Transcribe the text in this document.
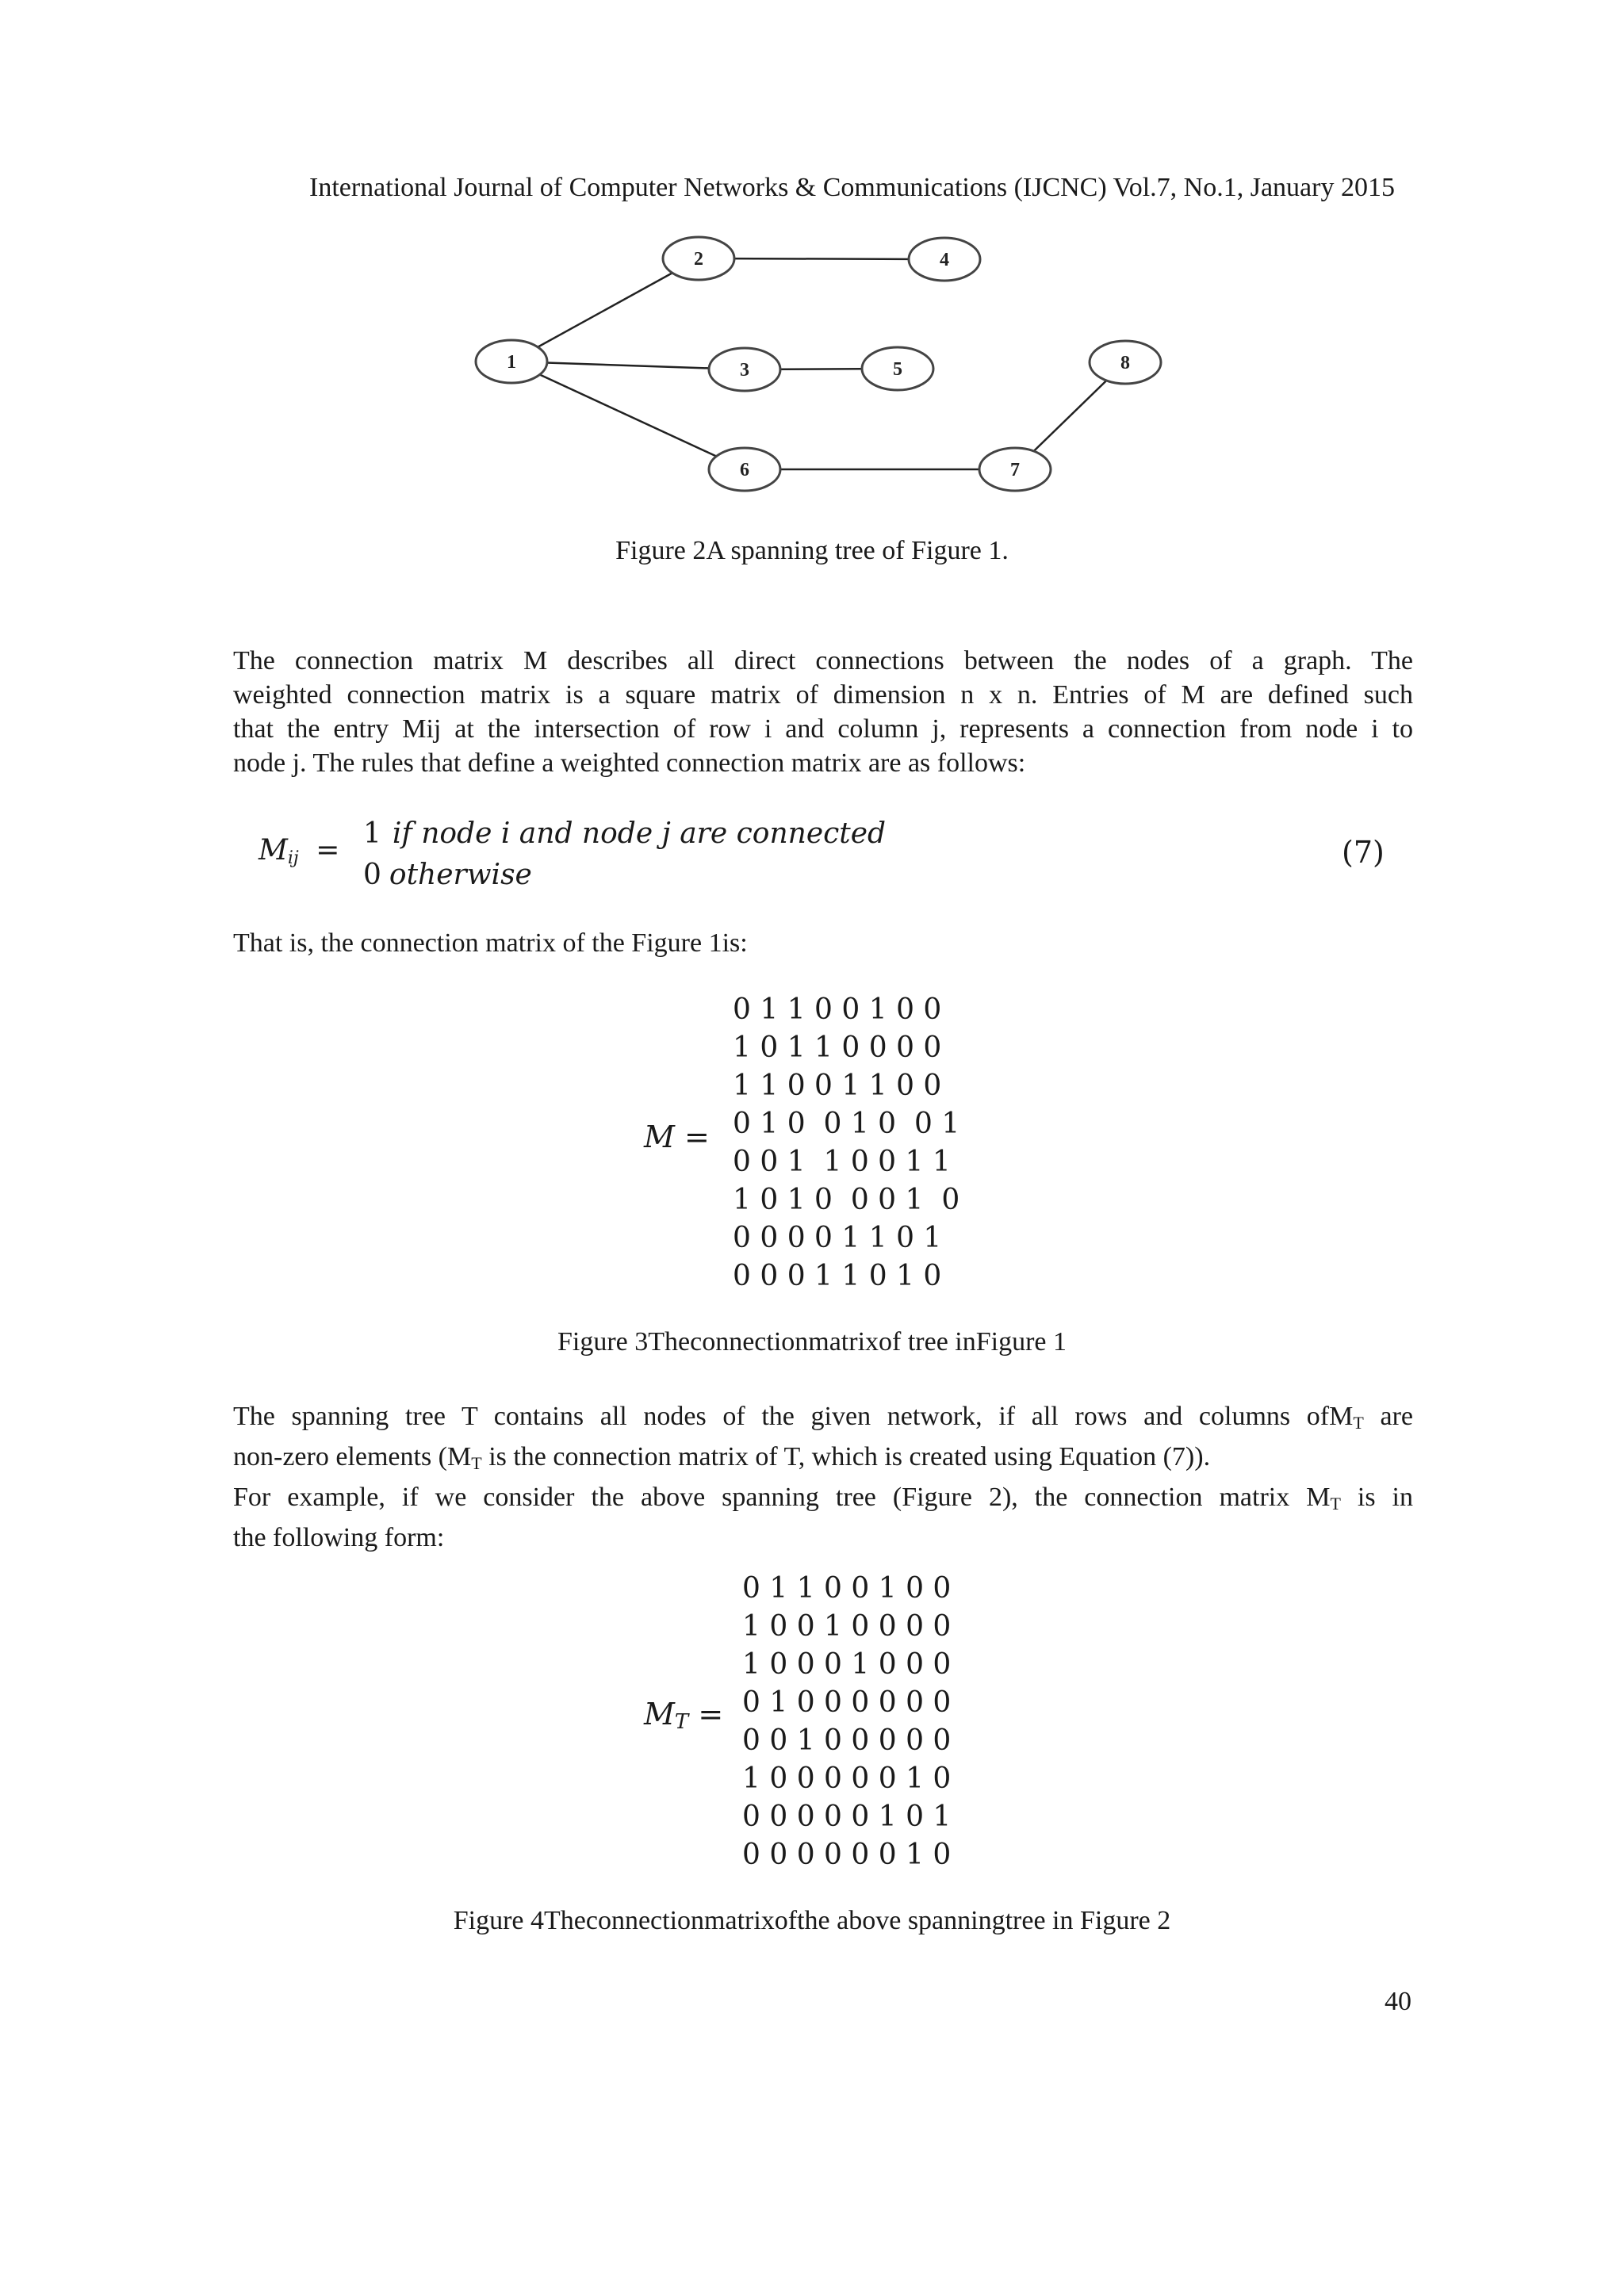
International Journal of Computer Networks & Communications (IJCNC) Vol.7, No.1, January 2015
1
2
3
4
5
6	7
8
Figure 2A spanning tree of Figure 1.
The connection matrix M describes all direct connections between the nodes of a graph. The
weighted connection matrix is a square matrix of dimension n x n. Entries of M are defined such
that the entry Mij at the intersection of row i and column j, represents a connection from node i to
node j. The rules that define a weighted connection matrix are as follows:
$M_{ij}$ =
1 if node i and node j are connected
0 otherwise
(7)
That is, the connection matrix of the Figure 1is:
M =
0 1 1 0 0 1 0 0
1 0 1 1 0 0 0 0
1 1 0 0 1 1 0 0
0 1 0  0 1 0  0 1
0 0 1  1 0 0 1 1
1 0 1 0  0 0 1  0
0 0 0 0 1 1 0 1
0 0 0 1 1 0 1 0
Figure 3Theconnectionmatrixof tree inFigure 1
The spanning tree T contains all nodes of the given network, if all rows and columns ofM$_T$ are
non-zero elements ($M_T$ is the connection matrix of T, which is created using Equation (7)).
For example, if we consider the above spanning tree (Figure 2), the connection matrix $M_T$ is in
the following form:
$M_T$ =
0 1 1 0 0 1 0 0
1 0 0 1 0 0 0 0
1 0 0 0 1 0 0 0
0 1 0 0 0 0 0 0
0 0 1 0 0 0 0 0
1 0 0 0 0 0 1 0
0 0 0 0 0 1 0 1
0 0 0 0 0 0 1 0
Figure 4Theconnectionmatrixofthe above spanningtree in Figure 2
40
